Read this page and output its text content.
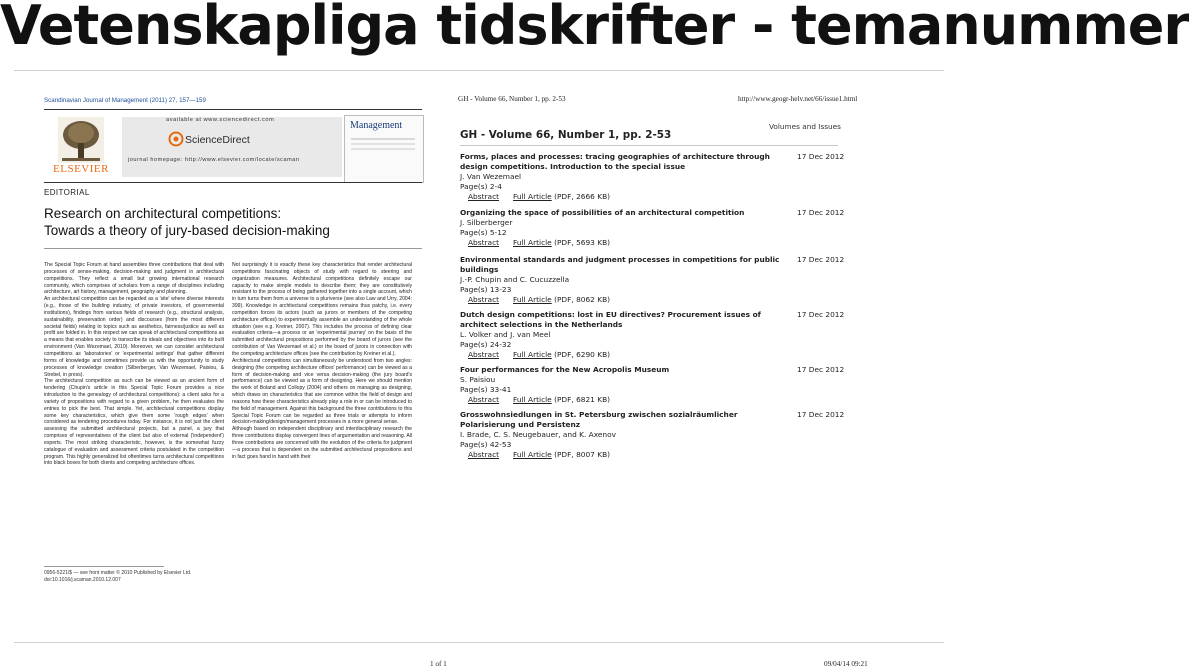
Vetenskapliga tidskrifter - temanummer
Scandinavian Journal of Management (2011) 27, 157—159
ELSEVIER
available at www.sciencedirect.com
ScienceDirect
journal homepage: http://www.elsevier.com/locate/scaman
Management
EDITORIAL
Research on architectural competitions:
Towards a theory of jury-based decision-making
The Special Topic Forum at hand assembles three contributions that deal with processes of sense-making, decision-making and judgment in architectural competitions. They reflect a small but growing international research community, which comprises of scholars from a range of disciplines including architecture, art history, management, geography and planning.
An architectural competition can be regarded as a 'site' where diverse interests (e.g., those of the building industry, of private investors, of governmental institutions), findings from various fields of research (e.g., structural analysis, sustainability, preservation order) and discourses (from the most different societal fields) relating to topics such as aesthetics, fairness/justice as well as profit are folded in. In this respect we can speak of architectural competitions as a means that enables society to transcribe its ideals and objectives into its built environment (Van Wezemael, 2010). Moreover, we can consider architectural competitions as 'laboratories' or 'experimental settings' that gather different forms of knowledge and sometimes provide us with the opportunity to study processes of knowledge creation (Silberberger, Van Wezemael, Paisiou, & Strebel, in press).
The architectural competition as such can be viewed as an ancient form of tendering (Chupin's article in this Special Topic Forum provides a nice introduction to the genealogy of architectural competitions): a client asks for a variety of propositions with regard to a given problem, he then evaluates the entries to pick the best. That simple. Yet, architectural competitions display some key characteristics, which give them some 'rough edges' when considered as tendering procedures today. For instance, it is not just the client assessing the submitted architectural projects, but a panel, a jury that comprises of representatives of the client but also of external ('independent') experts. The most striking characteristic, however, is the somewhat fuzzy catalogue of evaluation and assessment criteria postulated in the competition program. This highly generalized list oftentimes turns architectural competitions into black boxes for both clients and competing architecture offices.
Not surprisingly it is exactly these key characteristics that render architectural competitions fascinating objects of study with regard to steering and organization measures. Architectural competitions definitely escape our capacity to make simple models to describe them; they are constitutively resistant to the process of being gathered together into a single account, which in turn turns them from a universe to a pluriverse (see also Law and Urry, 2004: 399). Knowledge in architectural competitions remains thus patchy, i.e. every competition forces its actors (such as jurors or members of the competing architecture offices) to experimentally assemble an understanding of the whole situation (see e.g. Kreiner, 2007). This includes the process of defining clear evaluation criteria—a process or an 'experimental journey' on the basis of the submitted architectural propositions performed by the board of jurors (see the contribution of Van Wezemael et al.) or the board of jurors in connection with the competing architecture offices (see the contribution by Kreiner et al.).
Architectural competitions can simultaneously be understood from two angles: designing (the competing architecture offices' performance) can be viewed as a form of decision-making and vice versa decision-making (the jury board's performance) can be viewed as a form of designing. Here we should mention the work of Boland and Collopy (2004) and others on managing as designing, which draws on characteristics that are common within the field of design and reasons how these characteristics already play a role in or can be introduced to the field of management. Against this background the three contributions to this Special Topic Forum can be regarded as three trials or attempts to inform decision-making/design/management processes in a more general sense.
Although based on independent disciplinary and interdisciplinary research the three contributions display convergent lines of argumentation and reasoning. All three contributions are concerned with the evolution of the criteria for judgment—a process that is dependent on the submitted architectural propositions and in fact goes hand in hand with their
0956-5221/$ — see front matter © 2010 Published by Elsevier Ltd.
doi:10.1016/j.scaman.2010.12.007
GH - Volume 66, Number 1, pp. 2-53	http://www.geogr-helv.net/66/issue1.html
Volumes and Issues
GH - Volume 66, Number 1, pp. 2-53
Forms, places and processes: tracing geographies of architecture through design competitions. Introduction to the special issue
17 Dec 2012
J. Van Wezemael
Page(s) 2-4
Abstract Full Article (PDF, 2666 KB)
Organizing the space of possibilities of an architectural competition	17 Dec 2012
J. Silberberger
Page(s) 5-12
Abstract Full Article (PDF, 5693 KB)
Environmental standards and judgment processes in competitions for public buildings
17 Dec 2012
J.-P. Chupin and C. Cucuzzella
Page(s) 13-23
Abstract Full Article (PDF, 8062 KB)
Dutch design competitions: lost in EU directives? Procurement issues of architect selections in the Netherlands
17 Dec 2012
L. Volker and J. van Meel
Page(s) 24-32
Abstract Full Article (PDF, 6290 KB)
Four performances for the New Acropolis Museum	17 Dec 2012
S. Paisiou
Page(s) 33-41
Abstract Full Article (PDF, 6821 KB)
Grosswohnsiedlungen in St. Petersburg zwischen sozialräumlicher Polarisierung und Persistenz
17 Dec 2012
I. Brade, C. S. Neugebauer, and K. Axenov
Page(s) 42-53
Abstract Full Article (PDF, 8007 KB)
1 of 1	09/04/14 09:21
